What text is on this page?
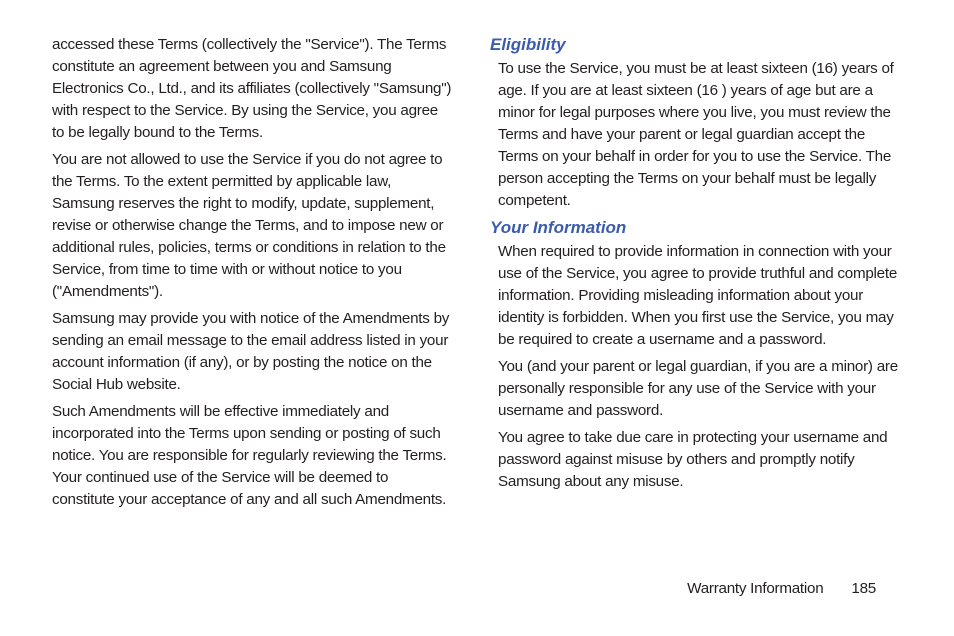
accessed these Terms (collectively the "Service"). The Terms constitute an agreement between you and Samsung Electronics Co., Ltd., and its affiliates (collectively "Samsung") with respect to the Service. By using the Service, you agree to be legally bound to the Terms.

You are not allowed to use the Service if you do not agree to the Terms. To the extent permitted by applicable law, Samsung reserves the right to modify, update, supplement, revise or otherwise change the Terms, and to impose new or additional rules, policies, terms or conditions in relation to the Service, from time to time with or without notice to you ("Amendments").

Samsung may provide you with notice of the Amendments by sending an email message to the email address listed in your account information (if any), or by posting the notice on the Social Hub website.

Such Amendments will be effective immediately and incorporated into the Terms upon sending or posting of such notice. You are responsible for regularly reviewing the Terms. Your continued use of the Service will be deemed to constitute your acceptance of any and all such Amendments.

Eligibility

To use the Service, you must be at least sixteen (16) years of age. If you are at least sixteen (16 ) years of age but are a minor for legal purposes where you live, you must review the Terms and have your parent or legal guardian accept the Terms on your behalf in order for you to use the Service. The person accepting the Terms on your behalf must be legally competent.

Your Information

When required to provide information in connection with your use of the Service, you agree to provide truthful and complete information. Providing misleading information about your identity is forbidden. When you first use the Service, you may be required to create a username and a password.

You (and your parent or legal guardian, if you are a minor) are personally responsible for any use of the Service with your username and password.

You agree to take due care in protecting your username and password against misuse by others and promptly notify Samsung about any misuse.

Warranty Information 185
